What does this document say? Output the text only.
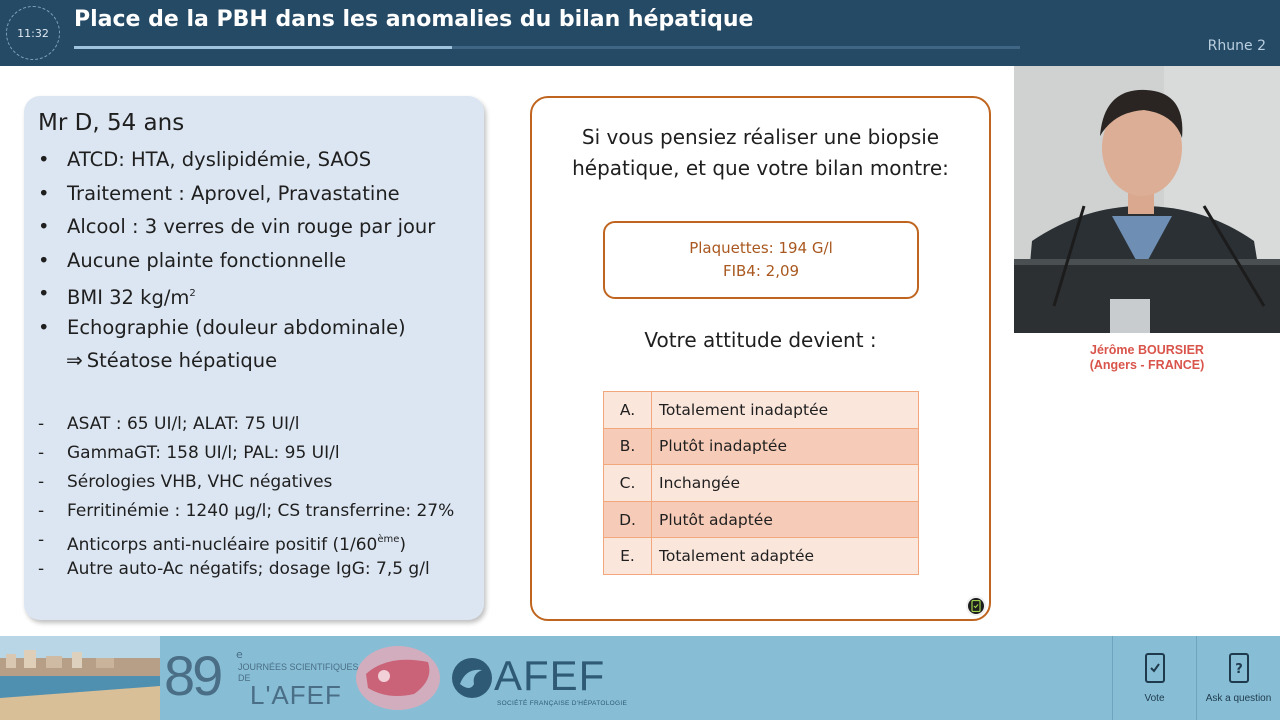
11:32
Place de la PBH dans les anomalies du bilan hépatique
Rhune 2
Mr D, 54 ans
• ATCD: HTA, dyslipidémie, SAOS
• Traitement : Aprovel, Pravastatine
• Alcool : 3 verres de vin rouge par jour
• Aucune plainte fonctionnelle
• BMI 32 $kg/m^2$
• Echographie (douleur abdominale)
⇒ Stéatose hépatique
- ASAT : 65 UI/l; ALAT: 75 UI/l
- GammaGT: 158 UI/l; PAL: 95 UI/l
- Sérologies VHB, VHC négatives
- Ferritinémie : 1240 µg/l; CS transferrine: 27%
- Anticorps anti-nucléaire positif (1/60ème)
- Autre auto-Ac négatifs; dosage IgG: 7,5 g/l
Si vous pensiez réaliser une biopsie
hépatique, et que votre bilan montre:
Plaquettes: 194 G/l
FIB4: 2,09
Votre attitude devient :
A.	Totalement inadaptée
B.	Plutôt inadaptée
C.	Inchangée
D.	Plutôt adaptée
E.	Totalement adaptée
Jérôme BOURSIER
(Angers - FRANCE)
89 e
JOURNÉES SCIENTIFIQUES
DE
L'AFEF	AFEF
SOCIÉTÉ FRANÇAISE D'HÉPATOLOGIE	Vote
?
Ask a question
